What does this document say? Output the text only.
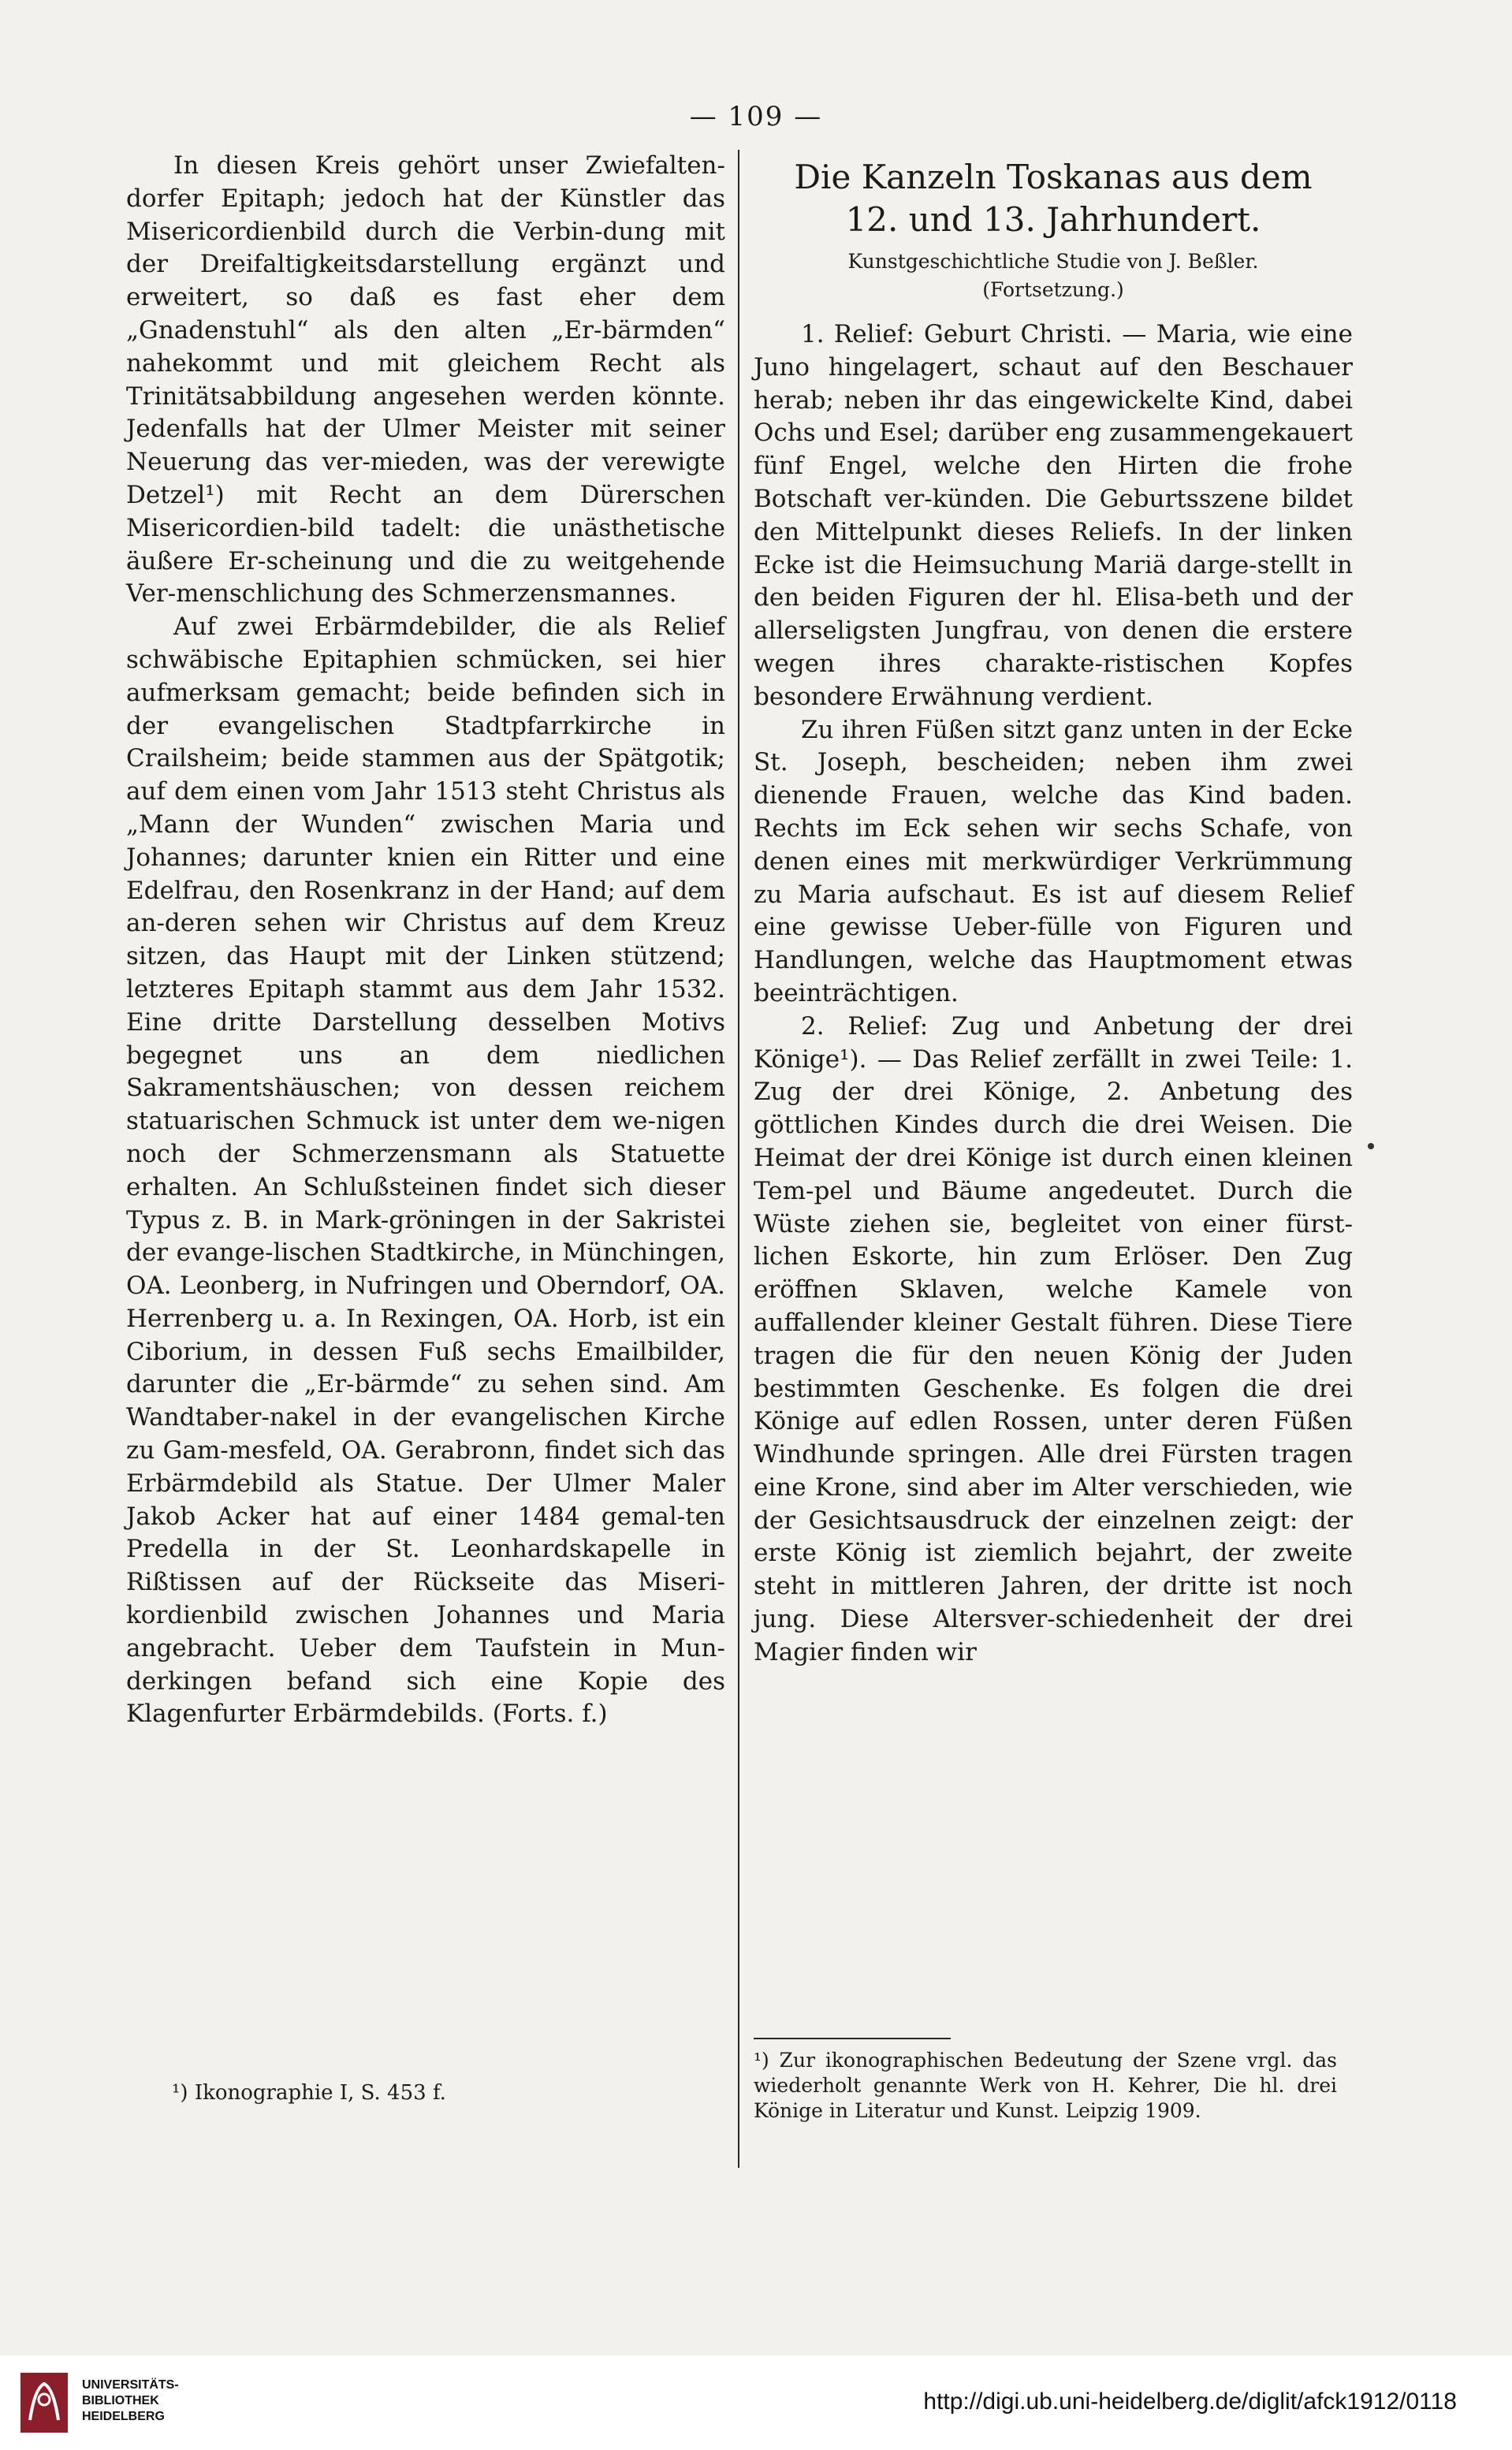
— 109 —

In diesen Kreis gehört unser Zwiefalten-dorfer Epitaph; jedoch hat der Künstler das Misericordienbild durch die Verbin-dung mit der Dreifaltigkeitsdarstellung ergänzt und erweitert, so daß es fast eher dem „Gnadenstuhl“ als den alten „Er-bärmden“ nahekommt und mit gleichem Recht als Trinitätsabbildung angesehen werden könnte. Jedenfalls hat der Ulmer Meister mit seiner Neuerung das ver-mieden, was der verewigte Detzel¹) mit Recht an dem Dürerschen Misericordien-bild tadelt: die unästhetische äußere Er-scheinung und die zu weitgehende Ver-menschlichung des Schmerzensmannes.

Auf zwei Erbärmdebilder, die als Relief schwäbische Epitaphien schmücken, sei hier aufmerksam gemacht; beide befinden sich in der evangelischen Stadtpfarrkirche in Crailsheim; beide stammen aus der Spätgotik; auf dem einen vom Jahr 1513 steht Christus als „Mann der Wunden“ zwischen Maria und Johannes; darunter knien ein Ritter und eine Edelfrau, den Rosenkranz in der Hand; auf dem an-deren sehen wir Christus auf dem Kreuz sitzen, das Haupt mit der Linken stützend; letzteres Epitaph stammt aus dem Jahr 1532. Eine dritte Darstellung desselben Motivs begegnet uns an dem niedlichen Sakramentshäuschen; von dessen reichem statuarischen Schmuck ist unter dem we-nigen noch der Schmerzensmann als Statuette erhalten. An Schlußsteinen findet sich dieser Typus z. B. in Mark-gröningen in der Sakristei der evange-lischen Stadtkirche, in Münchingen, OA. Leonberg, in Nufringen und Oberndorf, OA. Herrenberg u. a. In Rexingen, OA. Horb, ist ein Ciborium, in dessen Fuß sechs Emailbilder, darunter die „Er-bärmde“ zu sehen sind. Am Wandtaber-nakel in der evangelischen Kirche zu Gam-mesfeld, OA. Gerabronn, findet sich das Erbärmdebild als Statue. Der Ulmer Maler Jakob Acker hat auf einer 1484 gemal-ten Predella in der St. Leonhardskapelle in Rißtissen auf der Rückseite das Miseri-kordienbild zwischen Johannes und Maria angebracht. Ueber dem Taufstein in Mun-derkingen befand sich eine Kopie des Klagenfurter Erbärmdebilds. (Forts. f.)

¹) Ikonographie I, S. 453 f.
Die Kanzeln Toskanas aus dem
12. und 13. Jahrhundert.
Kunstgeschichtliche Studie von J. Beßler.
(Fortsetzung.)

1. Relief: Geburt Christi. — Maria, wie eine Juno hingelagert, schaut auf den Beschauer herab; neben ihr das eingewickelte Kind, dabei Ochs und Esel; darüber eng zusammengekauert fünf Engel, welche den Hirten die frohe Botschaft ver-künden. Die Geburtsszene bildet den Mittelpunkt dieses Reliefs. In der linken Ecke ist die Heimsuchung Mariä darge-stellt in den beiden Figuren der hl. Elisa-beth und der allerseligsten Jungfrau, von denen die erstere wegen ihres charakte-ristischen Kopfes besondere Erwähnung verdient.

Zu ihren Füßen sitzt ganz unten in der Ecke St. Joseph, bescheiden; neben ihm zwei dienende Frauen, welche das Kind baden. Rechts im Eck sehen wir sechs Schafe, von denen eines mit merkwürdiger Verkrümmung zu Maria aufschaut. Es ist auf diesem Relief eine gewisse Ueber-fülle von Figuren und Handlungen, welche das Hauptmoment etwas beeinträchtigen.

2. Relief: Zug und Anbetung der drei Könige¹). — Das Relief zerfällt in zwei Teile: 1. Zug der drei Könige, 2. Anbetung des göttlichen Kindes durch die drei Weisen. Die Heimat der drei Könige ist durch einen kleinen Tem-pel und Bäume angedeutet. Durch die Wüste ziehen sie, begleitet von einer fürst-lichen Eskorte, hin zum Erlöser. Den Zug eröffnen Sklaven, welche Kamele von auffallender kleiner Gestalt führen. Diese Tiere tragen die für den neuen König der Juden bestimmten Geschenke. Es folgen die drei Könige auf edlen Rossen, unter deren Füßen Windhunde springen. Alle drei Fürsten tragen eine Krone, sind aber im Alter verschieden, wie der Gesichtsausdruck der einzelnen zeigt: der erste König ist ziemlich bejahrt, der zweite steht in mittleren Jahren, der dritte ist noch jung. Diese Altersver-schiedenheit der drei Magier finden wir

¹) Zur ikonographischen Bedeutung der Szene vrgl. das wiederholt genannte Werk von H. Kehrer, Die hl. drei Könige in Literatur und Kunst. Leipzig 1909.
UNIVERSITÄTS-
BIBLIOTHEK
HEIDELBERG
http://digi.ub.uni-heidelberg.de/diglit/afck1912/0118
